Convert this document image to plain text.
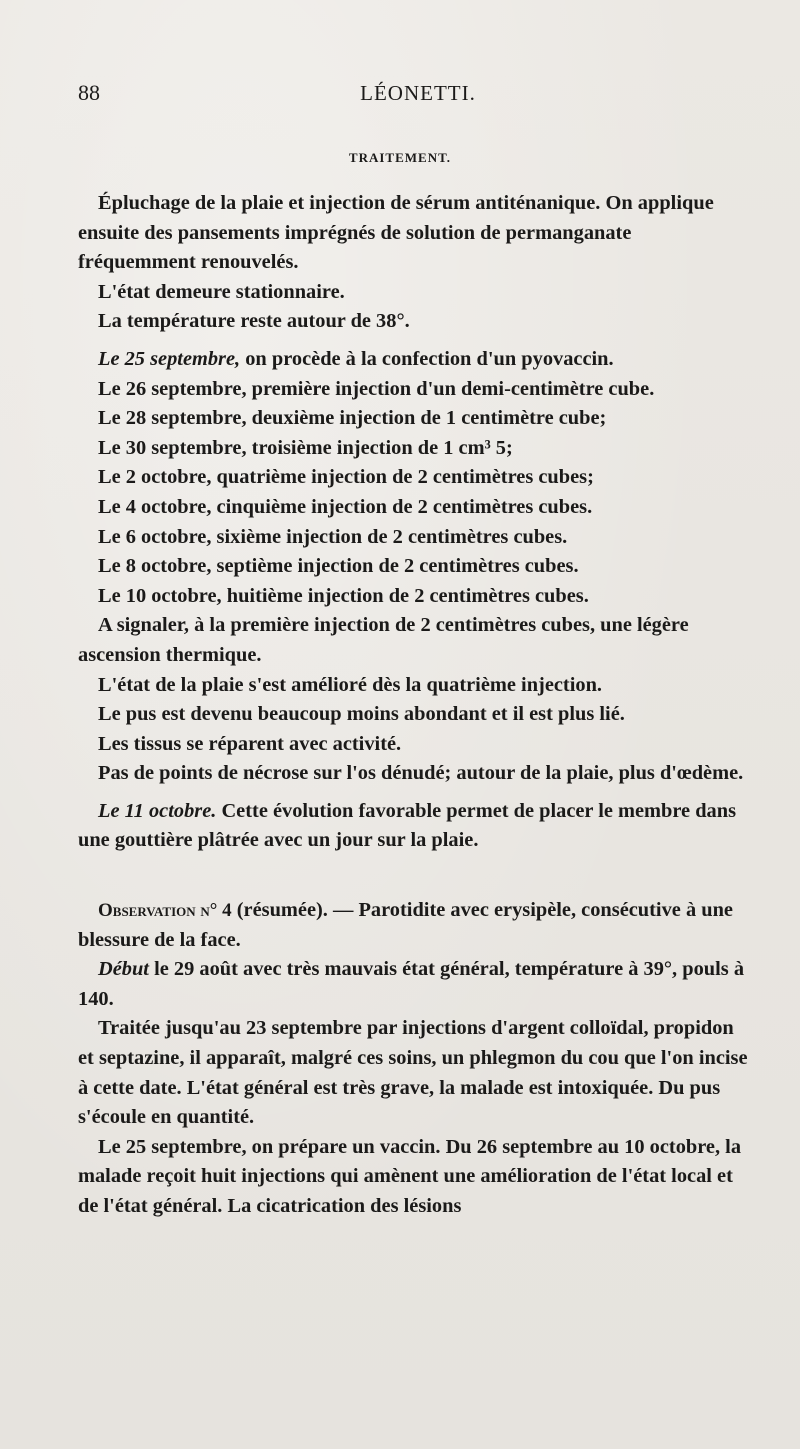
88	LÉONETTI.
TRAITEMENT.

Épluchage de la plaie et injection de sérum antiténanique. On applique ensuite des pansements imprégnés de solution de permanganate fréquemment renouvelés.

L'état demeure stationnaire.

La température reste autour de 38°.

Le 25 septembre, on procède à la confection d'un pyovaccin.

Le 26 septembre, première injection d'un demi-centimètre cube.

Le 28 septembre, deuxième injection de 1 centimètre cube;

Le 30 septembre, troisième injection de 1 cm³ 5;

Le 2 octobre, quatrième injection de 2 centimètres cubes;

Le 4 octobre, cinquième injection de 2 centimètres cubes.

Le 6 octobre, sixième injection de 2 centimètres cubes.

Le 8 octobre, septième injection de 2 centimètres cubes.

Le 10 octobre, huitième injection de 2 centimètres cubes.

A signaler, à la première injection de 2 centimètres cubes, une légère ascension thermique.

L'état de la plaie s'est amélioré dès la quatrième injection.

Le pus est devenu beaucoup moins abondant et il est plus lié.

Les tissus se réparent avec activité.

Pas de points de nécrose sur l'os dénudé; autour de la plaie, plus d'œdème.

Le 11 octobre. Cette évolution favorable permet de placer le membre dans une gouttière plâtrée avec un jour sur la plaie.

Observation n° 4 (résumée). — Parotidite avec erysipèle, consécutive à une blessure de la face.

Début le 29 août avec très mauvais état général, température à 39°, pouls à 140.

Traitée jusqu'au 23 septembre par injections d'argent colloïdal, propidon et septazine, il apparaît, malgré ces soins, un phlegmon du cou que l'on incise à cette date. L'état général est très grave, la malade est intoxiquée. Du pus s'écoule en quantité.

Le 25 septembre, on prépare un vaccin. Du 26 septembre au 10 octobre, la malade reçoit huit injections qui amènent une amélioration de l'état local et de l'état général. La cicatrication des lésions
